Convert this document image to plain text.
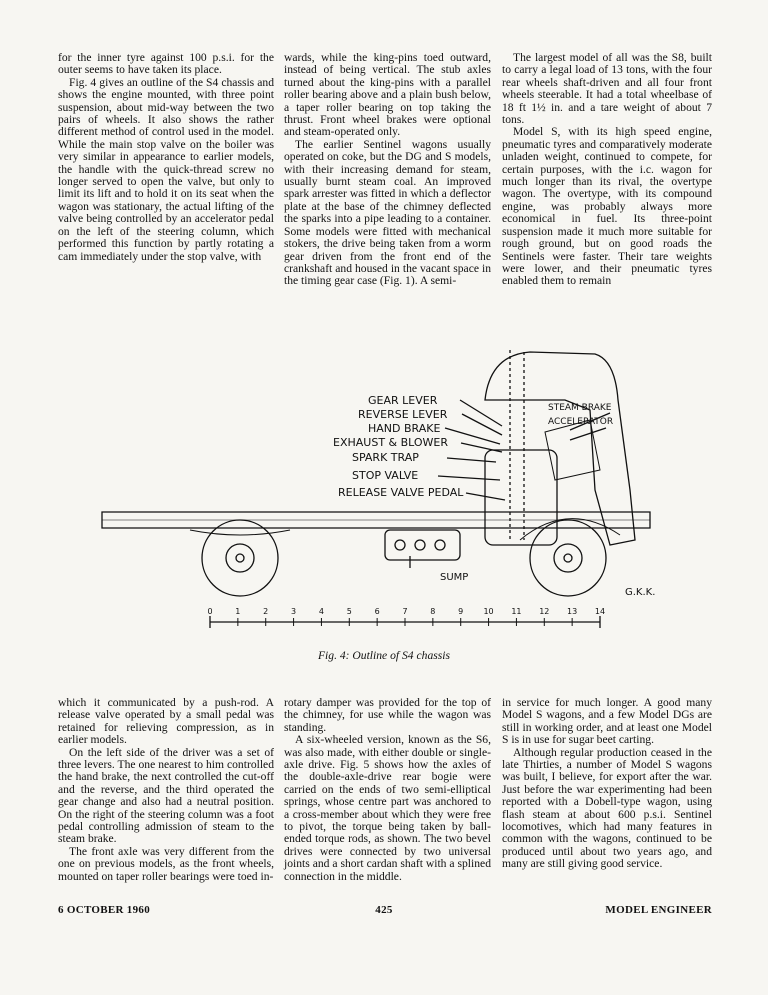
for the inner tyre against 100 p.s.i. for the outer seems to have taken its place.

Fig. 4 gives an outline of the S4 chassis and shows the engine mounted, with three point suspension, about mid-way between the two pairs of wheels. It also shows the rather different method of control used in the model. While the main stop valve on the boiler was very similar in appearance to earlier models, the handle with the quick-thread screw no longer served to open the valve, but only to limit its lift and to hold it on its seat when the wagon was stationary, the actual lifting of the valve being controlled by an accelerator pedal on the left of the steering column, which performed this function by partly rotating a cam immediately under the stop valve, with

wards, while the king-pins toed outward, instead of being vertical. The stub axles turned about the king-pins with a parallel roller bearing above and a plain bush below, a taper roller bearing on top taking the thrust. Front wheel brakes were optional and steam-operated only.

The earlier Sentinel wagons usually operated on coke, but the DG and S models, with their increasing demand for steam, usually burnt steam coal. An improved spark arrester was fitted in which a deflector plate at the base of the chimney deflected the sparks into a pipe leading to a container. Some models were fitted with mechanical stokers, the drive being taken from a worm gear driven from the front end of the crankshaft and housed in the vacant space in the timing gear case (Fig. 1). A semi-

The largest model of all was the S8, built to carry a legal load of 13 tons, with the four rear wheels shaft-driven and all four front wheels steerable. It had a total wheelbase of 18 ft 1½ in. and a tare weight of about 7 tons.

Model S, with its high speed engine, pneumatic tyres and comparatively moderate unladen weight, continued to compete, for certain purposes, with the i.c. wagon for much longer than its rival, the overtype wagon. The overtype, with its compound engine, was probably always more economical in fuel. Its three-point suspension made it much more suitable for rough ground, but on good roads the Sentinels were faster. Their tare weights were lower, and their pneumatic tyres enabled them to remain

GEAR LEVER
REVERSE LEVER
HAND BRAKE
EXHAUST & BLOWER
SPARK TRAP
STOP VALVE
RELEASE VALVE PEDAL
STEAM BRAKE
ACCELERATOR
SUMP
G.K.K.
0	1	2	3	4	5	6	7	8	9	10 11 12 13 14
Fig. 4: Outline of S4 chassis

which it communicated by a push-rod. A release valve operated by a small pedal was retained for relieving compression, as in earlier models.

On the left side of the driver was a set of three levers. The one nearest to him controlled the hand brake, the next controlled the cut-off and the reverse, and the third operated the gear change and also had a neutral position. On the right of the steering column was a foot pedal controlling admission of steam to the steam brake.

The front axle was very different from the one on previous models, as the front wheels, mounted on taper roller bearings were toed in-

rotary damper was provided for the top of the chimney, for use while the wagon was standing.

A six-wheeled version, known as the S6, was also made, with either double or single-axle drive. Fig. 5 shows how the axles of the double-axle-drive rear bogie were carried on the ends of two semi-elliptical springs, whose centre part was anchored to a cross-member about which they were free to pivot, the torque being taken by ball-ended torque rods, as shown. The two bevel drives were connected by two universal joints and a short cardan shaft with a splined connection in the middle.

in service for much longer. A good many Model S wagons, and a few Model DGs are still in working order, and at least one Model S is in use for sugar beet carting.

Although regular production ceased in the late Thirties, a number of Model S wagons was built, I believe, for export after the war. Just before the war experimenting had been reported with a Dobell-type wagon, using flash steam at about 600 p.s.i. Sentinel locomotives, which had many features in common with the wagons, continued to be produced until about two years ago, and many are still giving good service.

6 OCTOBER 1960	425	MODEL ENGINEER
